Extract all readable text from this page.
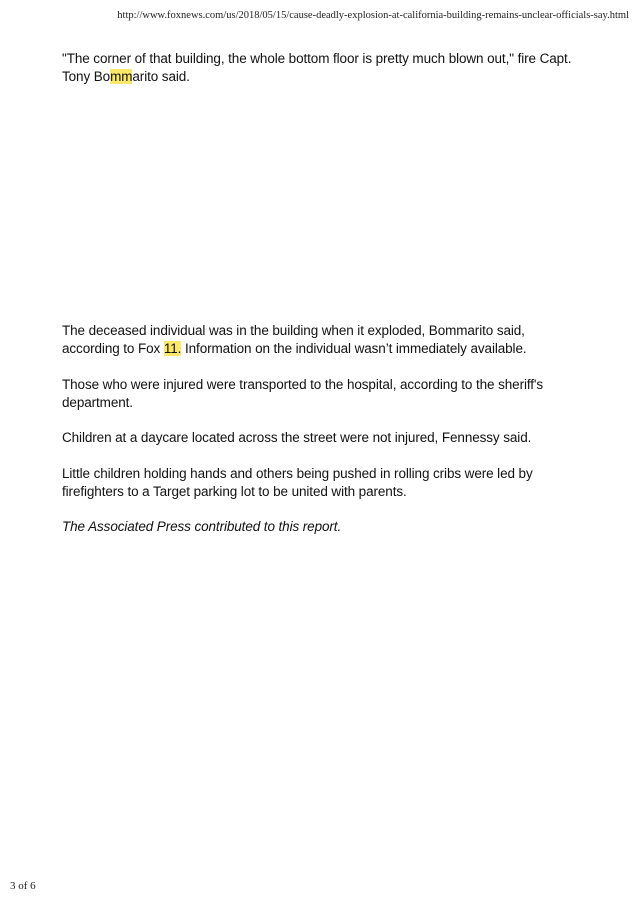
http://www.foxnews.com/us/2018/05/15/cause-deadly-explosion-at-california-building-remains-unclear-officials-say.html

"The corner of that building, the whole bottom floor is pretty much blown out," fire Capt. Tony Bommarito said.

The deceased individual was in the building when it exploded, Bommarito said, according to Fox 11. Information on the individual wasn’t immediately available.

Those who were injured were transported to the hospital, according to the sheriff's department.

Children at a daycare located across the street were not injured, Fennessy said.

Little children holding hands and others being pushed in rolling cribs were led by firefighters to a Target parking lot to be united with parents.

The Associated Press contributed to this report.

3 of 6
